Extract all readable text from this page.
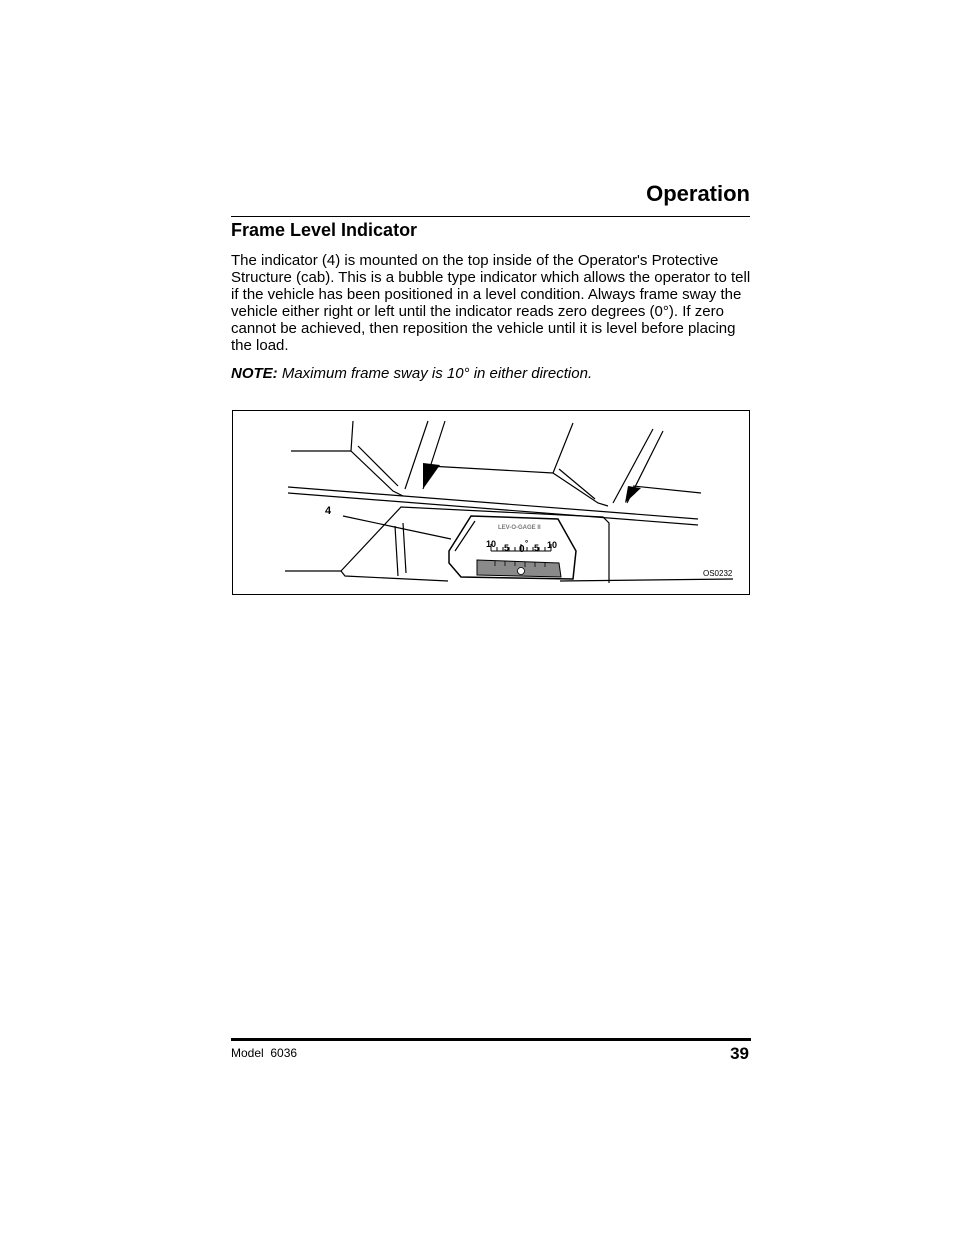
Operation
Frame Level Indicator

The indicator (4) is mounted on the top inside of the Operator's Protective Structure (cab). This is a bubble type indicator which allows the operator to tell if the vehicle has been positioned in a level condition. Always frame sway the vehicle either right or left until the indicator reads zero degrees (0°). If zero cannot be achieved, then reposition the vehicle until it is level before placing the load.

NOTE: Maximum frame sway is 10° in either direction.

4
LEV-O-GAGE II
10 5 0
° 5 10
OS0232
Model  6036	39
